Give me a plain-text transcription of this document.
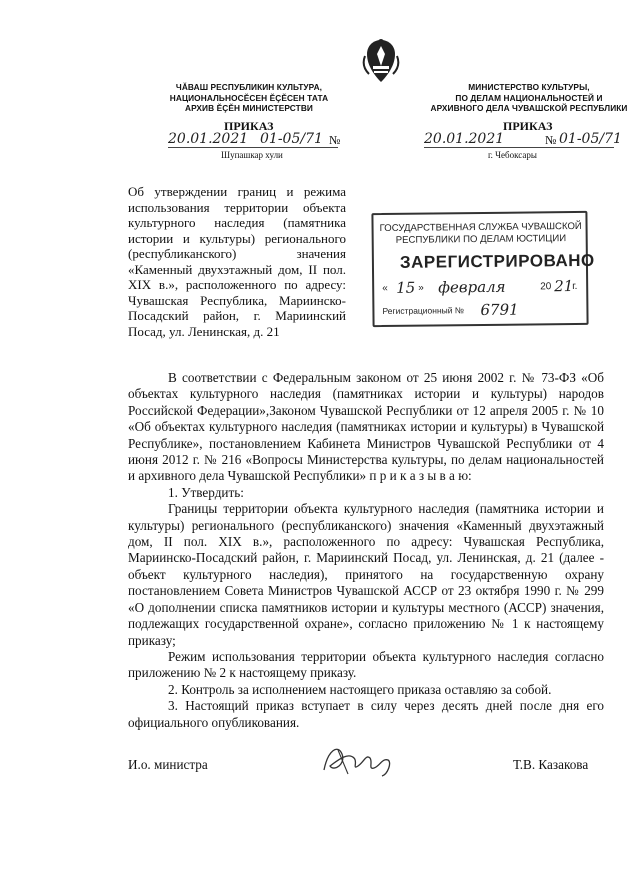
ЧĂВАШ РЕСПУБЛИКИН КУЛЬТУРА,
НАЦИОНАЛЬНОСĔСЕН ĔÇĔСЕН ТАТА
АРХИВ ĔÇĔН МИНИСТЕРСТВИ
ПРИКАЗ
20.01.2021 01-05/71 №
Шупашкар хули
МИНИСТЕРСТВО КУЛЬТУРЫ,
ПО ДЕЛАМ НАЦИОНАЛЬНОСТЕЙ И
АРХИВНОГО ДЕЛА ЧУВАШСКОЙ РЕСПУБЛИКИ
ПРИКАЗ
20.01.2021	№ 01-05/71
г. Чебоксары
Об утверждении границ и режима использования территории объекта культурного наследия (памятника истории и культуры) регионального (республиканского) значения «Каменный двухэтажный дом, II пол. XIX в.», расположенного по адресу: Чувашская Республика, Мариинско-Посадский район, г. Мариинский Посад, ул. Ленинская, д. 21
ГОСУДАРСТВЕННАЯ СЛУЖБА ЧУВАШСКОЙ
РЕСПУБЛИКИ ПО ДЕЛАМ ЮСТИЦИИ
ЗАРЕГИСТРИРОВАНО
« 15 » февраля	20 21
г.
Регистрационный № 6791

В соответствии с Федеральным законом от 25 июня 2002 г. № 73-ФЗ «Об объектах культурного наследия (памятниках истории и культуры) народов Российской Федерации»,Законом Чувашской Республики от 12 апреля 2005 г. № 10 «Об объектах культурного наследия (памятниках истории и культуры) в Чувашской Республике», постановлением Кабинета Министров Чувашской Республики от 4 июня 2012 г. № 216 «Вопросы Министерства культуры, по делам национальностей и архивного дела Чувашской Республики» п р и к а з ы в а ю:

1. Утвердить:

Границы территории объекта культурного наследия (памятника истории и культуры) регионального (республиканского) значения «Каменный двухэтажный дом, II пол. XIX в.», расположенного по адресу: Чувашская Республика, Мариинско-Посадский район, г. Мариинский Посад, ул. Ленинская, д. 21 (далее - объект культурного наследия), принятого на государственную охрану постановлением Совета Министров Чувашской АССР от 23 октября 1990 г. № 299 «О дополнении списка памятников истории и культуры местного (АССР) значения, подлежащих государственной охране», согласно приложению № 1 к настоящему приказу;

Режим использования территории объекта культурного наследия согласно приложению № 2 к настоящему приказу.

2. Контроль за исполнением настоящего приказа оставляю за собой.

3. Настоящий приказ вступает в силу через десять дней после дня его официального опубликования.

И.о. министра	Т.В. Казакова
